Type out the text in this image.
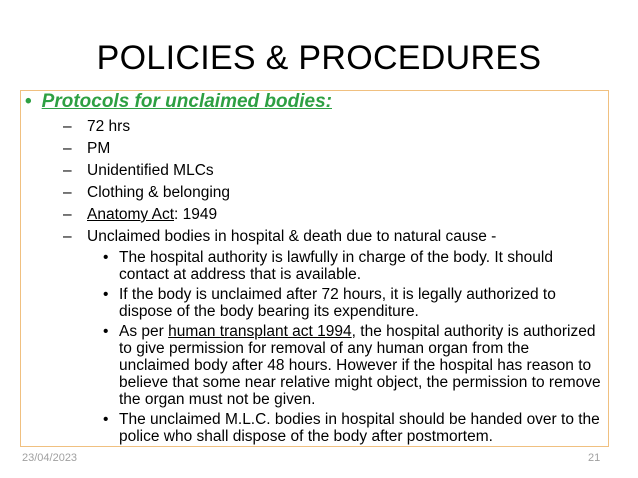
POLICIES & PROCEDURES
• Protocols for unclaimed bodies:
– 72 hrs
– PM
– Unidentified MLCs
– Clothing & belonging
– Anatomy Act: 1949
– Unclaimed bodies in hospital & death due to natural cause -
• The hospital authority is lawfully in charge of the body. It should contact at address that is available.
• If the body is unclaimed after 72 hours, it is legally authorized to dispose of the body bearing its expenditure.
• As per human transplant act 1994, the hospital authority is authorized to give permission for removal of any human organ from the unclaimed body after 48 hours. However if the hospital has reason to believe that some near relative might object, the permission to remove the organ must not be given.
• The unclaimed M.L.C. bodies in hospital should be handed over to the police who shall dispose of the body after postmortem.
23/04/2023	21
